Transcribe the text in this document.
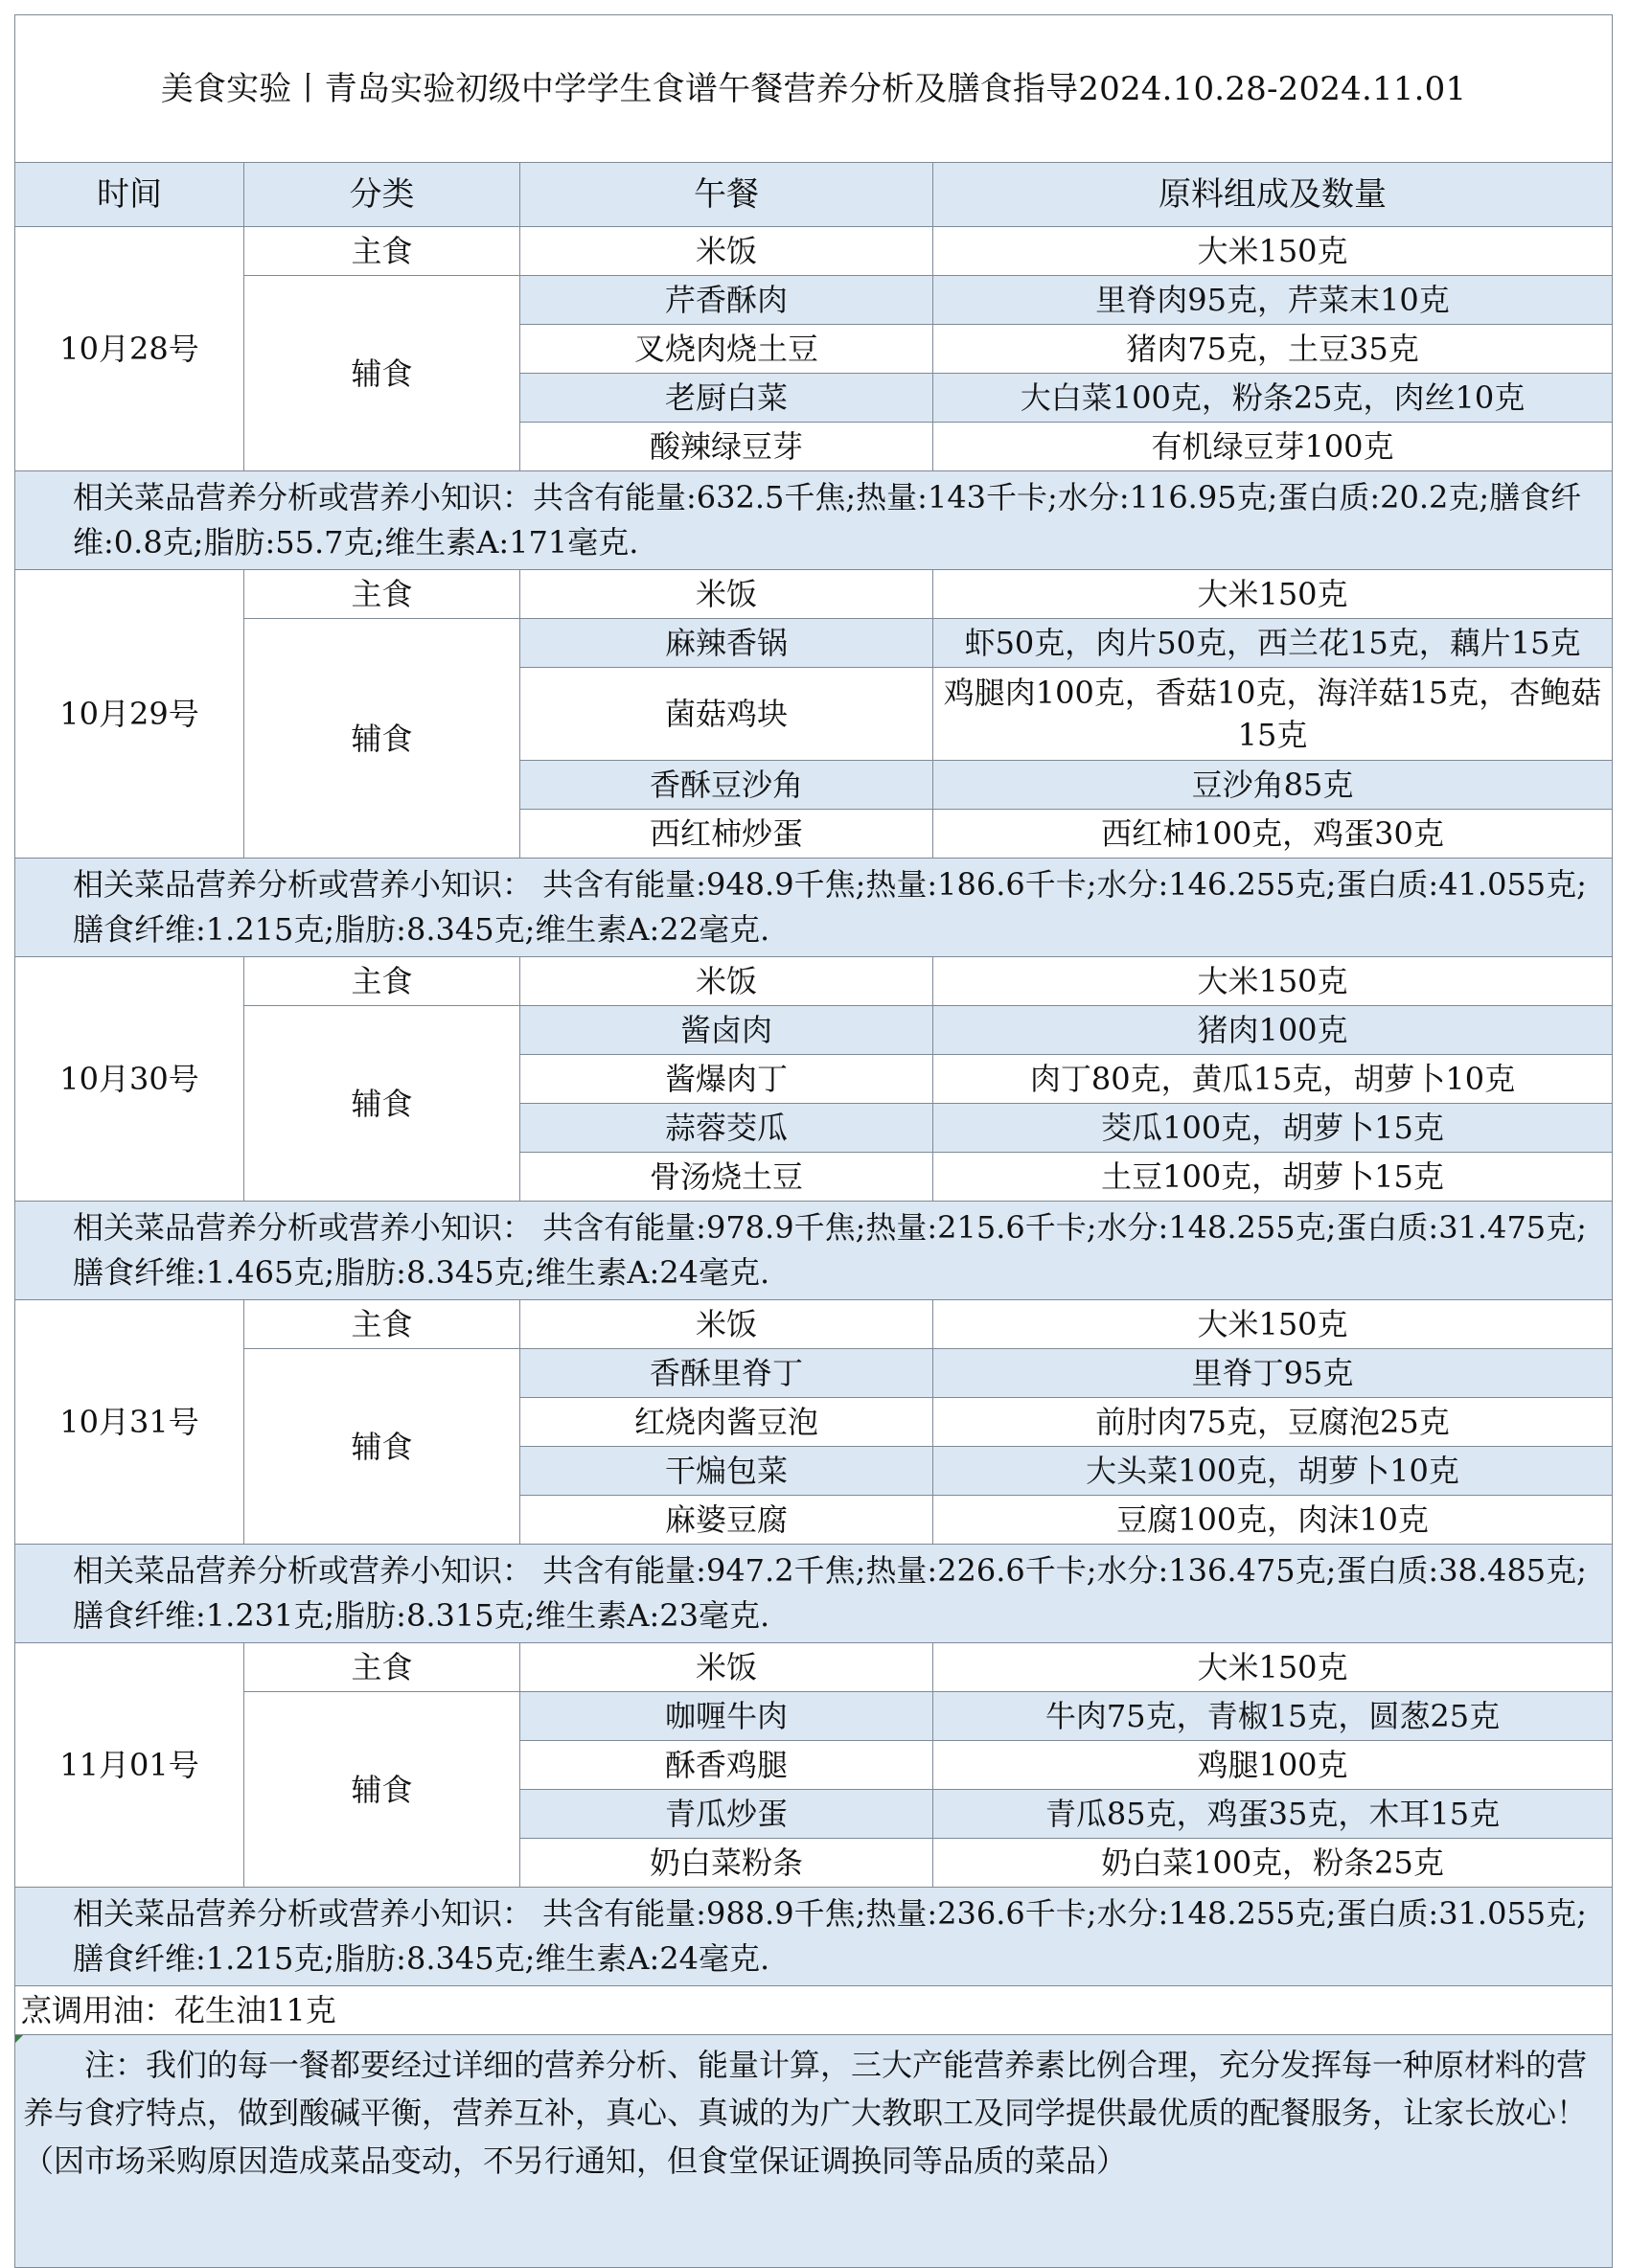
美食实验丨青岛实验初级中学学生食谱午餐营养分析及膳食指导2024.10.28-2024.11.01			
时间	分类	午餐	原料组成及数量
10月28号	主食	米饭	大米150克
	辅食	芹香酥肉	里脊肉95克，芹菜末10克
		叉烧肉烧土豆	猪肉75克，土豆35克
		老厨白菜	大白菜100克，粉条25克，肉丝10克
		酸辣绿豆芽	有机绿豆芽100克
相关菜品营养分析或营养小知识：共含有能量:632.5千焦;热量:143千卡;水分:116.95克;蛋白质:20.2克;膳食纤维:0.8克;脂肪:55.7克;维生素A:171毫克.			
10月29号	主食	米饭	大米150克
	辅食	麻辣香锅	虾50克，肉片50克，西兰花15克，藕片15克
		菌菇鸡块	鸡腿肉100克，香菇10克，海洋菇15克，杏鲍菇15克
		香酥豆沙角	豆沙角85克
		西红柿炒蛋	西红柿100克，鸡蛋30克
相关菜品营养分析或营养小知识： 共含有能量:948.9千焦;热量:186.6千卡;水分:146.255克;蛋白质:41.055克;膳食纤维:1.215克;脂肪:8.345克;维生素A:22毫克.			
10月30号	主食	米饭	大米150克
	辅食	酱卤肉	猪肉100克
		酱爆肉丁	肉丁80克，黄瓜15克，胡萝卜10克
		蒜蓉茭瓜	茭瓜100克，胡萝卜15克
		骨汤烧土豆	土豆100克，胡萝卜15克
相关菜品营养分析或营养小知识： 共含有能量:978.9千焦;热量:215.6千卡;水分:148.255克;蛋白质:31.475克;膳食纤维:1.465克;脂肪:8.345克;维生素A:24毫克.			
10月31号	主食	米饭	大米150克
	辅食	香酥里脊丁	里脊丁95克
		红烧肉酱豆泡	前肘肉75克，豆腐泡25克
		干煸包菜	大头菜100克，胡萝卜10克
		麻婆豆腐	豆腐100克，肉沫10克
相关菜品营养分析或营养小知识： 共含有能量:947.2千焦;热量:226.6千卡;水分:136.475克;蛋白质:38.485克;膳食纤维:1.231克;脂肪:8.315克;维生素A:23毫克.			
11月01号	主食	米饭	大米150克
	辅食	咖喱牛肉	牛肉75克，青椒15克，圆葱25克
		酥香鸡腿	鸡腿100克
		青瓜炒蛋	青瓜85克，鸡蛋35克，木耳15克
		奶白菜粉条	奶白菜100克，粉条25克
相关菜品营养分析或营养小知识： 共含有能量:988.9千焦;热量:236.6千卡;水分:148.255克;蛋白质:31.055克;膳食纤维:1.215克;脂肪:8.345克;维生素A:24毫克.			
烹调用油：花生油11克			

注：我们的每一餐都要经过详细的营养分析、能量计算，三大产能营养素比例合理，充分发挥每一种原材料的营养与食疗特点，做到酸碱平衡，营养互补，真心、真诚的为广大教职工及同学提供最优质的配餐服务，让家长放心！（因市场采购原因造成菜品变动，不另行通知，但食堂保证调换同等品质的菜品）			
